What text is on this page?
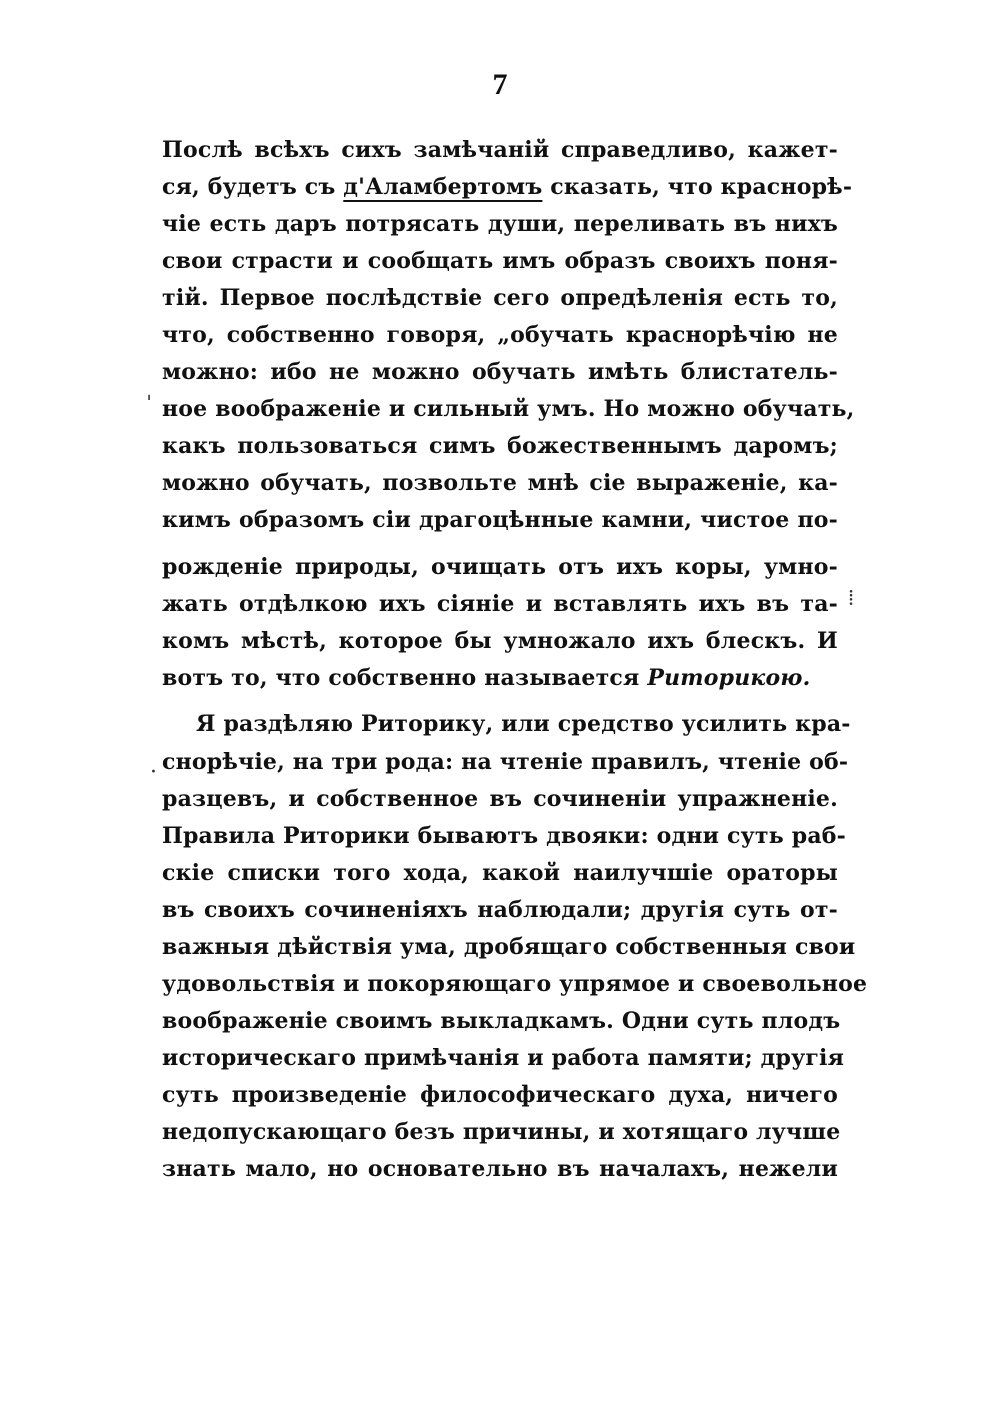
7
Послѣ всѣхъ сихъ замѣчаній справедливо, кажет-
ся, будетъ съ д'Аламбертомъ сказать, что краснорѣ-
чіе есть даръ потрясать души, переливать въ нихъ
свои страсти и сообщать имъ образъ своихъ поня-
тій. Первое послѣдствіе сего опредѣленія есть то,
что, собственно говоря, „обучать краснорѣчію не
можно: ибо не можно обучать имѣть блистатель-
ное воображеніе и сильный умъ. Но можно обучать,
какъ пользоваться симъ божественнымъ даромъ;
можно обучать, позвольте мнѣ сіе выраженіе, ка-
кимъ образомъ сіи драгоцѣнные камни, чистое по-
рожденіе природы, очищать отъ ихъ коры, умно-
жать отдѣлкою ихъ сіяніе и вставлять ихъ въ та-
комъ мѣстѣ, которое бы умножало ихъ блескъ. И
вотъ то, что собственно называется Риторикою.
Я раздѣляю Риторику, или средство усилить кра-
снорѣчіе, на три рода: на чтеніе правилъ, чтеніе об-
разцевъ, и собственное въ сочиненіи упражненіе.
Правила Риторики бываютъ двояки: одни суть раб-
скіе списки того хода, какой наилучшіе ораторы
въ своихъ сочиненіяхъ наблюдали; другія суть от-
важныя дѣйствія ума, дробящаго собственныя свои
удовольствія и покоряющаго упрямое и своевольное
воображеніе своимъ выкладкамъ. Одни суть плодъ
историческаго примѣчанія и работа памяти; другія
суть произведеніе философическаго духа, ничего
недопускающаго безъ причины, и хотящаго лучше
знать мало, но основательно въ началахъ, нежели
ˈ
⁞
·
